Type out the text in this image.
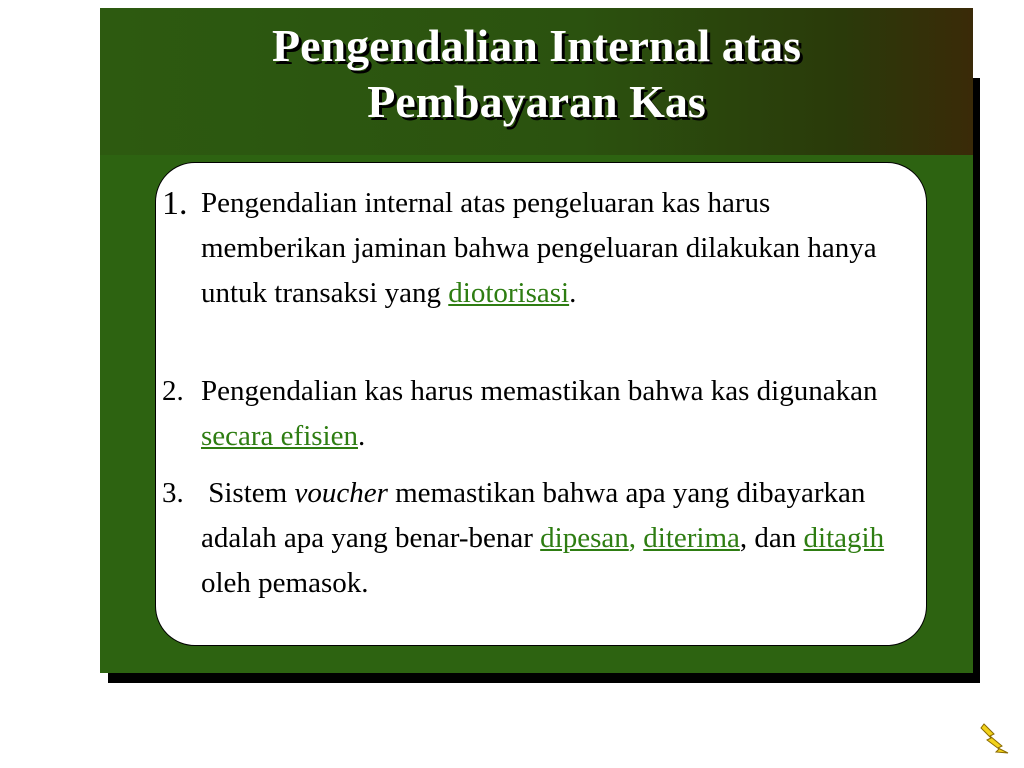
Pengendalian Internal atas
Pembayaran Kas
1. Pengendalian internal atas pengeluaran kas harus memberikan jaminan bahwa pengeluaran dilakukan hanya untuk transaksi yang diotorisasi.
2. Pengendalian kas harus memastikan bahwa kas digunakan secara efisien.
3. Sistem voucher memastikan bahwa apa yang dibayarkan adalah apa yang benar-benar dipesan, diterima, dan ditagih oleh pemasok.
